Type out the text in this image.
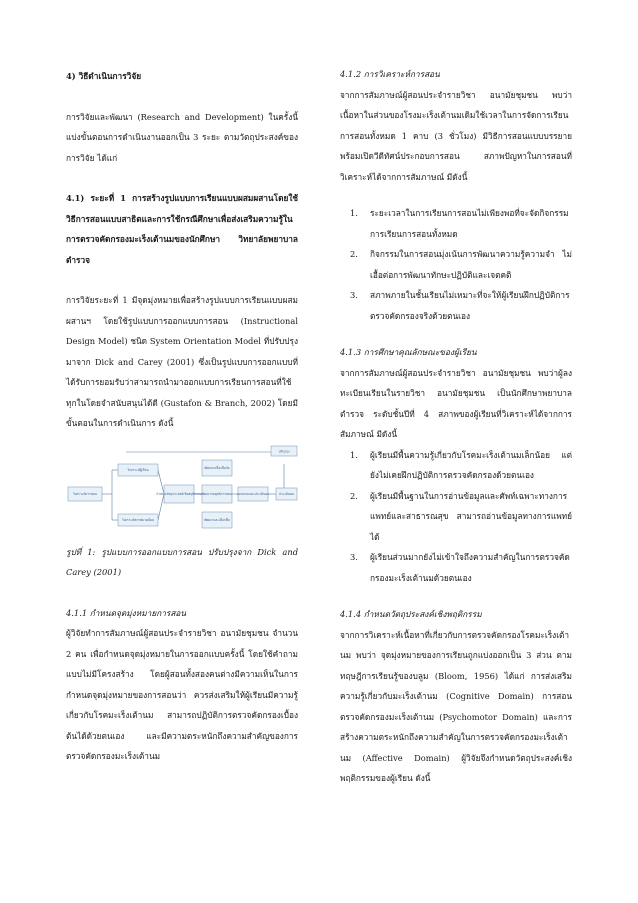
4) วิธีดำเนินการวิจัย

การวิจัยและพัฒนา (Research and Development) ในครั้งนี้ แบ่งขั้นตอนการดำเนินงานออกเป็น 3 ระยะ ตามวัตถุประสงค์ของการวิจัย ได้แก่

4.1) ระยะที่ 1 การสร้างรูปแบบการเรียนแบบผสมผสานโดยใช้วิธีการสอนแบบสาธิตและการใช้กรณีศึกษาเพื่อส่งเสริมความรู้ในการตรวจคัดกรองมะเร็งเต้านมของนักศึกษา วิทยาลัยพยาบาลตำรวจ

การวิจัยระยะที่ 1 มีจุดมุ่งหมายเพื่อสร้างรูปแบบการเรียนแบบผสมผสานฯ โดยใช้รูปแบบการออกแบบการสอน (Instructional Design Model) ชนิด System Orientation Model ที่ปรับปรุงมาจาก Dick and Carey (2001) ซึ่งเป็นรูปแบบการออกแบบที่ได้รับการยอมรับว่าสามารถนำมาออกแบบการเรียนการสอนที่ใช้ทุกในโดยจำสนับสนุนได้ดี (Gustafon & Branch, 2002) โดยมีขั้นตอนในการดำเนินการ ดังนี้

ปรับปรุง
วิเคราะห์ผู้เรียน
วิเคราะห์การสอน	กำหนดวัตถุประสงค์เชิงพฤติกรรม
พัฒนาเครื่องมือวัด
พัฒนากลยุทธ์การสอน
พัฒนาและเลือกสื่อ
ออกแบบและประเมินผล	ประเมินผล
วิเคราะห์สภาพแวดล้อม

รูปที่ 1: รูปแบบการออกแบบการสอน ปรับปรุงจาก Dick and Carey (2001)

4.1.1 กำหนดจุดมุ่งหมายการสอน

ผู้วิจัยทำการสัมภาษณ์ผู้สอนประจำรายวิชา อนามัยชุมชน จำนวน 2 คน เพื่อกำหนดจุดมุ่งหมายในการออกแบบครั้งนี้ โดยใช้คำถามแบบไม่มีโครงสร้าง โดยผู้สอนทั้งสองคนต่างมีความเห็นในการกำหนดจุดมุ่งหมายของการสอนว่า ควรส่งเสริมให้ผู้เรียนมีความรู้เกี่ยวกับโรคมะเร็งเต้านม สามารถปฏิบัติการตรวจคัดกรองเบื้องต้นได้ด้วยตนเอง และมีความตระหนักถึงความสำคัญของการตรวจคัดกรองมะเร็งเต้านม

4.1.2 การวิเคราะห์การสอน

จากการสัมภาษณ์ผู้สอนประจำรายวิชา อนามัยชุมชน พบว่าเนื้อหาในส่วนของโรงมะเร็งเต้านมเดิมใช้เวลาในการจัดการเรียนการสอนทั้งหมด 1 คาบ (3 ชั่วโมง) มีวิธีการสอนแบบบรรยายพร้อมเปิดวีดีทัศน์ประกอบการสอน สภาพปัญหาในการสอนที่วิเคราะห์ได้จากการสัมภาษณ์ มีดังนี้

1. ระยะเวลาในการเรียนการสอนไม่เพียงพอที่จะจัดกิจกรรมการเรียนการสอนทั้งหมด
2. กิจกรรมในการสอนมุ่งเน้นการพัฒนาความรู้ความจำ ไม่เอื้อต่อการพัฒนาทักษะปฏิบัติและเจตคติ
3. สภาพภายในชั้นเรียนไม่เหมาะที่จะให้ผู้เรียนฝึกปฏิบัติการตรวจคัดกรองจริงด้วยตนเอง

4.1.3 การศึกษาคุณลักษณะของผู้เรียน

จากการสัมภาษณ์ผู้สอนประจำรายวิชา อนามัยชุมชน พบว่าผู้ลงทะเบียนเรียนในรายวิชา อนามัยชุมชน เป็นนักศึกษาพยาบาลตำรวจ ระดับชั้นปีที่ 4 สภาพของผู้เรียนที่วิเคราะห์ได้จากการสัมภาษณ์ มีดังนี้

1. ผู้เรียนมีพื้นความรู้เกี่ยวกับโรคมะเร็งเต้านมเล็กน้อย แต่ยังไม่เคยฝึกปฏิบัติการตรวจคัดกรองด้วยตนเอง
2. ผู้เรียนมีพื้นฐานในการอ่านข้อมูลและศัพท์เฉพาะทางการแพทย์และสาธารณสุข สามารถอ่านข้อมูลทางการแพทย์ได้
3. ผู้เรียนส่วนมากยังไม่เข้าใจถึงความสำคัญในการตรวจคัดกรองมะเร็งเต้านมด้วยตนเอง

4.1.4 กำหนดวัตถุประสงค์เชิงพฤติกรรม

จากการวิเคราะห์เนื้อหาที่เกี่ยวกับการตรวจคัดกรองโรคมะเร็งเต้านม พบว่า จุดมุ่งหมายของการเรียนถูกแบ่งออกเป็น 3 ส่วน ตามทฤษฎีการเรียนรู้ของบลูม (Bloom, 1956) ได้แก่ การส่งเสริมความรู้เกี่ยวกับมะเร็งเต้านม (Cognitive Domain) การสอนตรวจคัดกรองมะเร็งเต้านม (Psychomotor Domain) และการสร้างความตระหนักถึงความสำคัญในการตรวจคัดกรองมะเร็งเต้านม (Affective Domain) ผู้วิจัยจึงกำหนดวัตถุประสงค์เชิงพฤติกรรมของผู้เรียน ดังนี้
